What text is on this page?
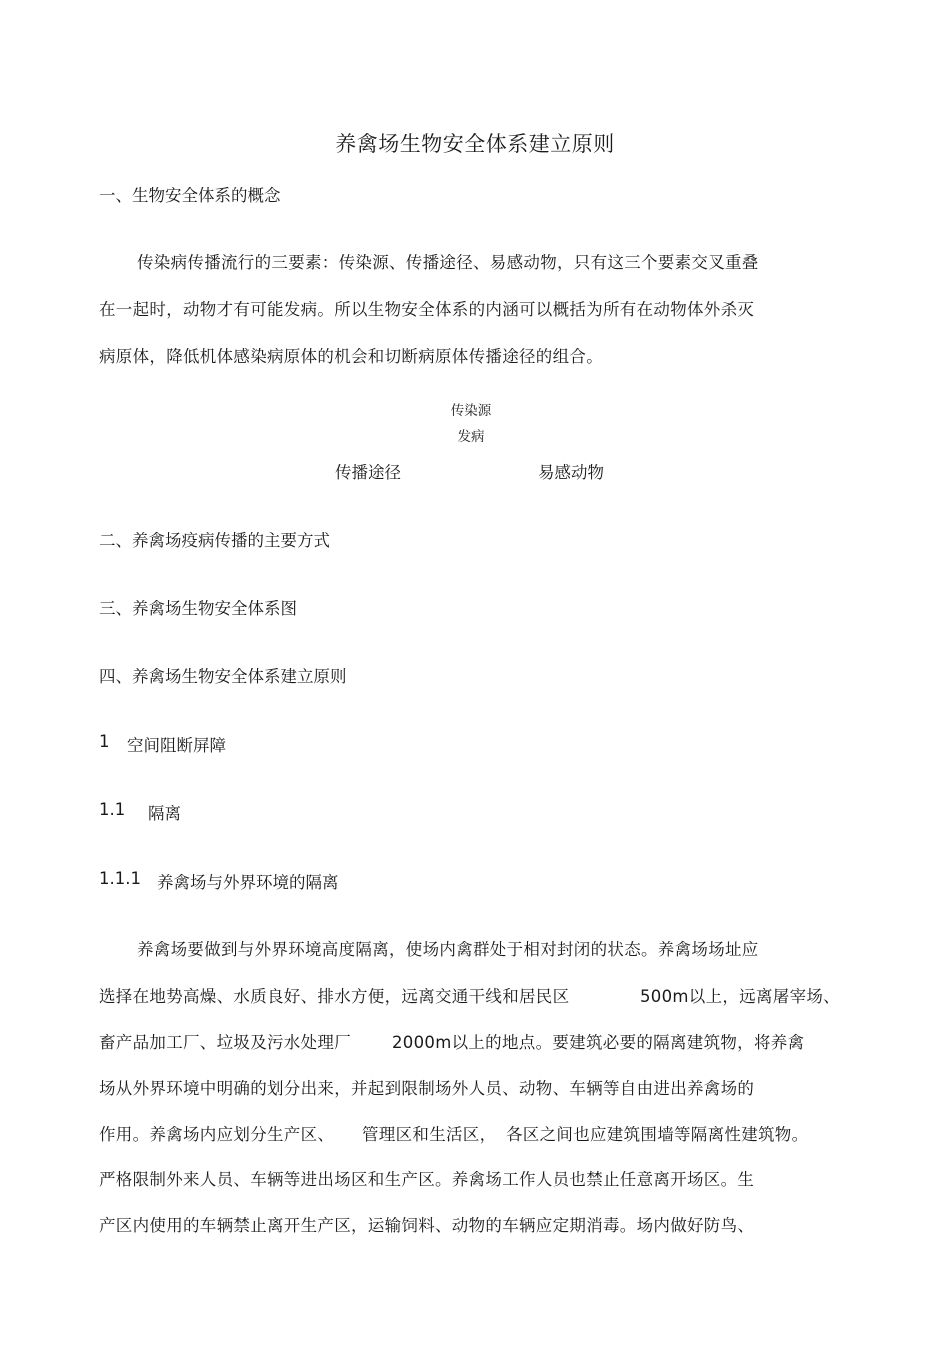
养禽场生物安全体系建立原则
一、生物安全体系的概念
传染病传播流行的三要素：传染源、传播途径、易感动物，只有这三个要素交叉重叠
在一起时，动物才有可能发病。所以生物安全体系的内涵可以概括为所有在动物体外杀灭
病原体，降低机体感染病原体的机会和切断病原体传播途径的组合。
传染源
发病
传播途径	易感动物
二、养禽场疫病传播的主要方式
三、养禽场生物安全体系图
四、养禽场生物安全体系建立原则
1 空间阻断屏障
1.1 隔离
1.1.1 养禽场与外界环境的隔离
养禽场要做到与外界环境高度隔离，使场内禽群处于相对封闭的状态。养禽场场址应
选择在地势高燥、水质良好、排水方便，远离交通干线和居民区	500m以上，远离屠宰场、
畜产品加工厂、垃圾及污水处理厂 2000m以上的地点。要建筑必要的隔离建筑物，将养禽
场从外界环境中明确的划分出来，并起到限制场外人员、动物、车辆等自由进出养禽场的
作用。养禽场内应划分生产区、 管理区和生活区， 各区之间也应建筑围墙等隔离性建筑物。
严格限制外来人员、车辆等进出场区和生产区。养禽场工作人员也禁止任意离开场区。生
产区内使用的车辆禁止离开生产区，运输饲料、动物的车辆应定期消毒。场内做好防鸟、
